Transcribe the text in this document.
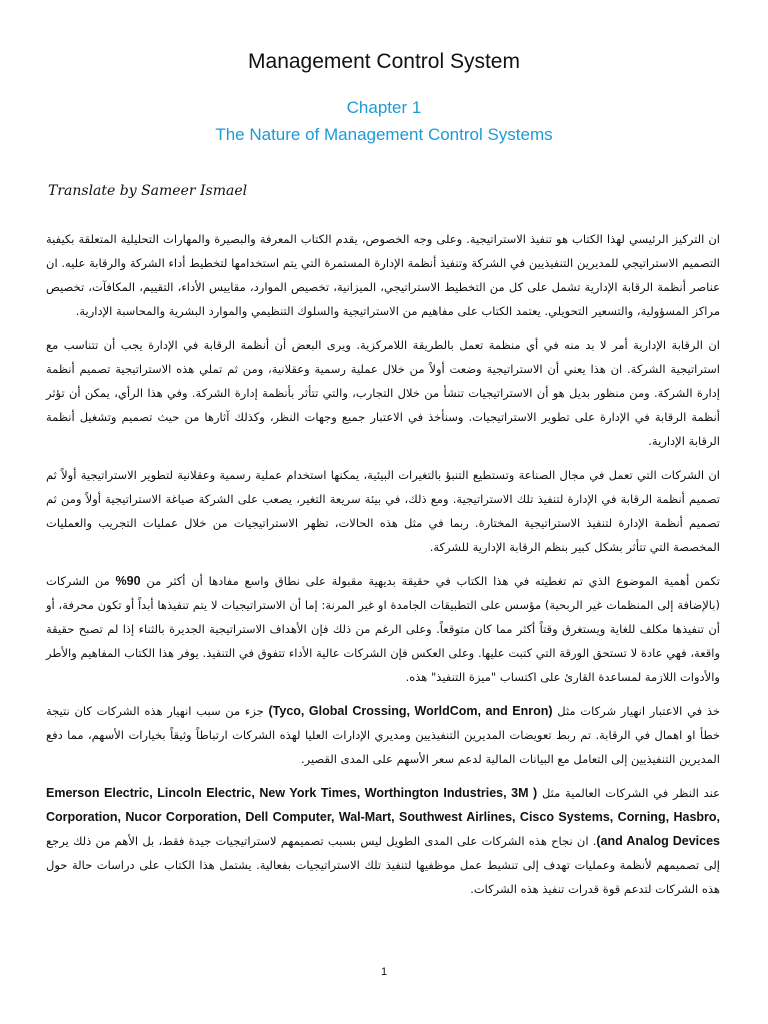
Management Control System
Chapter 1
The Nature of Management Control Systems
Translate by Sameer Ismael

ان التركيز الرئيسي لهذا الكتاب هو تنفيذ الاستراتيجية. وعلى وجه الخصوص، يقدم الكتاب المعرفة والبصيرة والمهارات التحليلية المتعلقة بكيفية التصميم الاستراتيجي للمديرين التنفيذيين في الشركة وتنفيذ أنظمة الإدارة المستمرة التي يتم استخدامها لتخطيط أداء الشركة والرقابة عليه. ان عناصر أنظمة الرقابة الإدارية تشمل على كل من التخطيط الاستراتيجي، الميزانية، تخصيص الموارد، مقاييس الأداء، التقييم، المكافآت، تخصيص مراكز المسؤولية، والتسعير التحويلي. يعتمد الكتاب على مفاهيم من الاستراتيجية والسلوك التنظيمي والموارد البشرية والمحاسبة الإدارية.

ان الرقابة الإدارية أمر لا بد منه في أي منظمة تعمل بالطريقة اللامركزية. ويرى البعض أن أنظمة الرقابة في الإدارة يجب أن تتناسب مع استراتيجية الشركة. ان هذا يعني أن الاستراتيجية وضعت أولاً من خلال عملية رسمية وعقلانية، ومن ثم تملي هذه الاستراتيجية تصميم أنظمة إدارة الشركة. ومن منظور بديل هو أن الاستراتيجيات تنشأ من خلال التجارب، والتي تتأثر بأنظمة إدارة الشركة. وفي هذا الرأي، يمكن أن تؤثر أنظمة الرقابة في الإدارة على تطوير الاستراتيجيات. وسنأخذ في الاعتبار جميع وجهات النظر، وكذلك آثارها من حيث تصميم وتشغيل أنظمة الرقابة الإدارية.

ان الشركات التي تعمل في مجال الصناعة وتستطيع التنبؤ بالتغيرات البيئية، يمكنها استخدام عملية رسمية وعقلانية لتطوير الاستراتيجية أولاً ثم تصميم أنظمة الرقابة في الإدارة لتنفيذ تلك الاستراتيجية. ومع ذلك، في بيئة سريعة التغير، يصعب على الشركة صياغة الاستراتيجية أولاً ومن ثم تصميم أنظمة الإدارة لتنفيذ الاستراتيجية المختارة. ربما في مثل هذه الحالات، تظهر الاستراتيجيات من خلال عمليات التجريب والعمليات المخصصة التي تتأثر بشكل كبير بنظم الرقابة الإدارية للشركة.

تكمن أهمية الموضوع الذي تم تغطيته في هذا الكتاب في حقيقة بديهية مقبولة على نطاق واسع مفادها أن أكثر من 90% من الشركات (بالإضافة إلى المنظمات غير الربحية) مؤسس على التطبيقات الجامدة او غير المرنة: إما أن الاستراتيجيات لا يتم تنفيذها أبداً أو تكون محرفة، أو أن تنفيذها مكلف للغاية ويستغرق وقتاً أكثر مما كان متوقعاً. وعلى الرغم من ذلك فإن الأهداف الاستراتيجية الجديرة بالثناء إذا لم تصبح حقيقة واقعة، فهي عادة لا تستحق الورقة التي كتبت عليها. وعلى العكس فإن الشركات عالية الأداء تتفوق في التنفيذ. يوفر هذا الكتاب المفاهيم والأطر والأدوات اللازمة لمساعدة القارئ على اكتساب "ميزة التنفيذ" هذه.

خذ في الاعتبار انهيار شركات مثل (Tyco, Global Crossing, WorldCom, and Enron) جزء من سبب انهيار هذه الشركات كان نتيجة خطأ او اهمال في الرقابة. تم ربط تعويضات المديرين التنفيذيين ومديري الإدارات العليا لهذه الشركات ارتباطاً وثيقاً بخيارات الأسهم، مما دفع المديرين التنفيذيين إلى التعامل مع البيانات المالية لدعم سعر الأسهم على المدى القصير.

عند النظر في الشركات العالمية مثل ( Emerson Electric, Lincoln Electric, New York Times, Worthington Industries, 3M Corporation, Nucor Corporation, Dell Computer, Wal-Mart, Southwest Airlines, Cisco Systems, Corning, Hasbro, and Analog Devices). ان نجاح هذه الشركات على المدى الطويل ليس بسبب تصميمهم لاستراتيجيات جيدة فقط، بل الأهم من ذلك يرجع إلى تصميمهم لأنظمة وعمليات تهدف إلى تنشيط عمل موظفيها لتنفيذ تلك الاستراتيجيات بفعالية. يشتمل هذا الكتاب على دراسات حالة حول هذه الشركات لتدعم قوة قدرات تنفيذ هذه الشركات.

1
